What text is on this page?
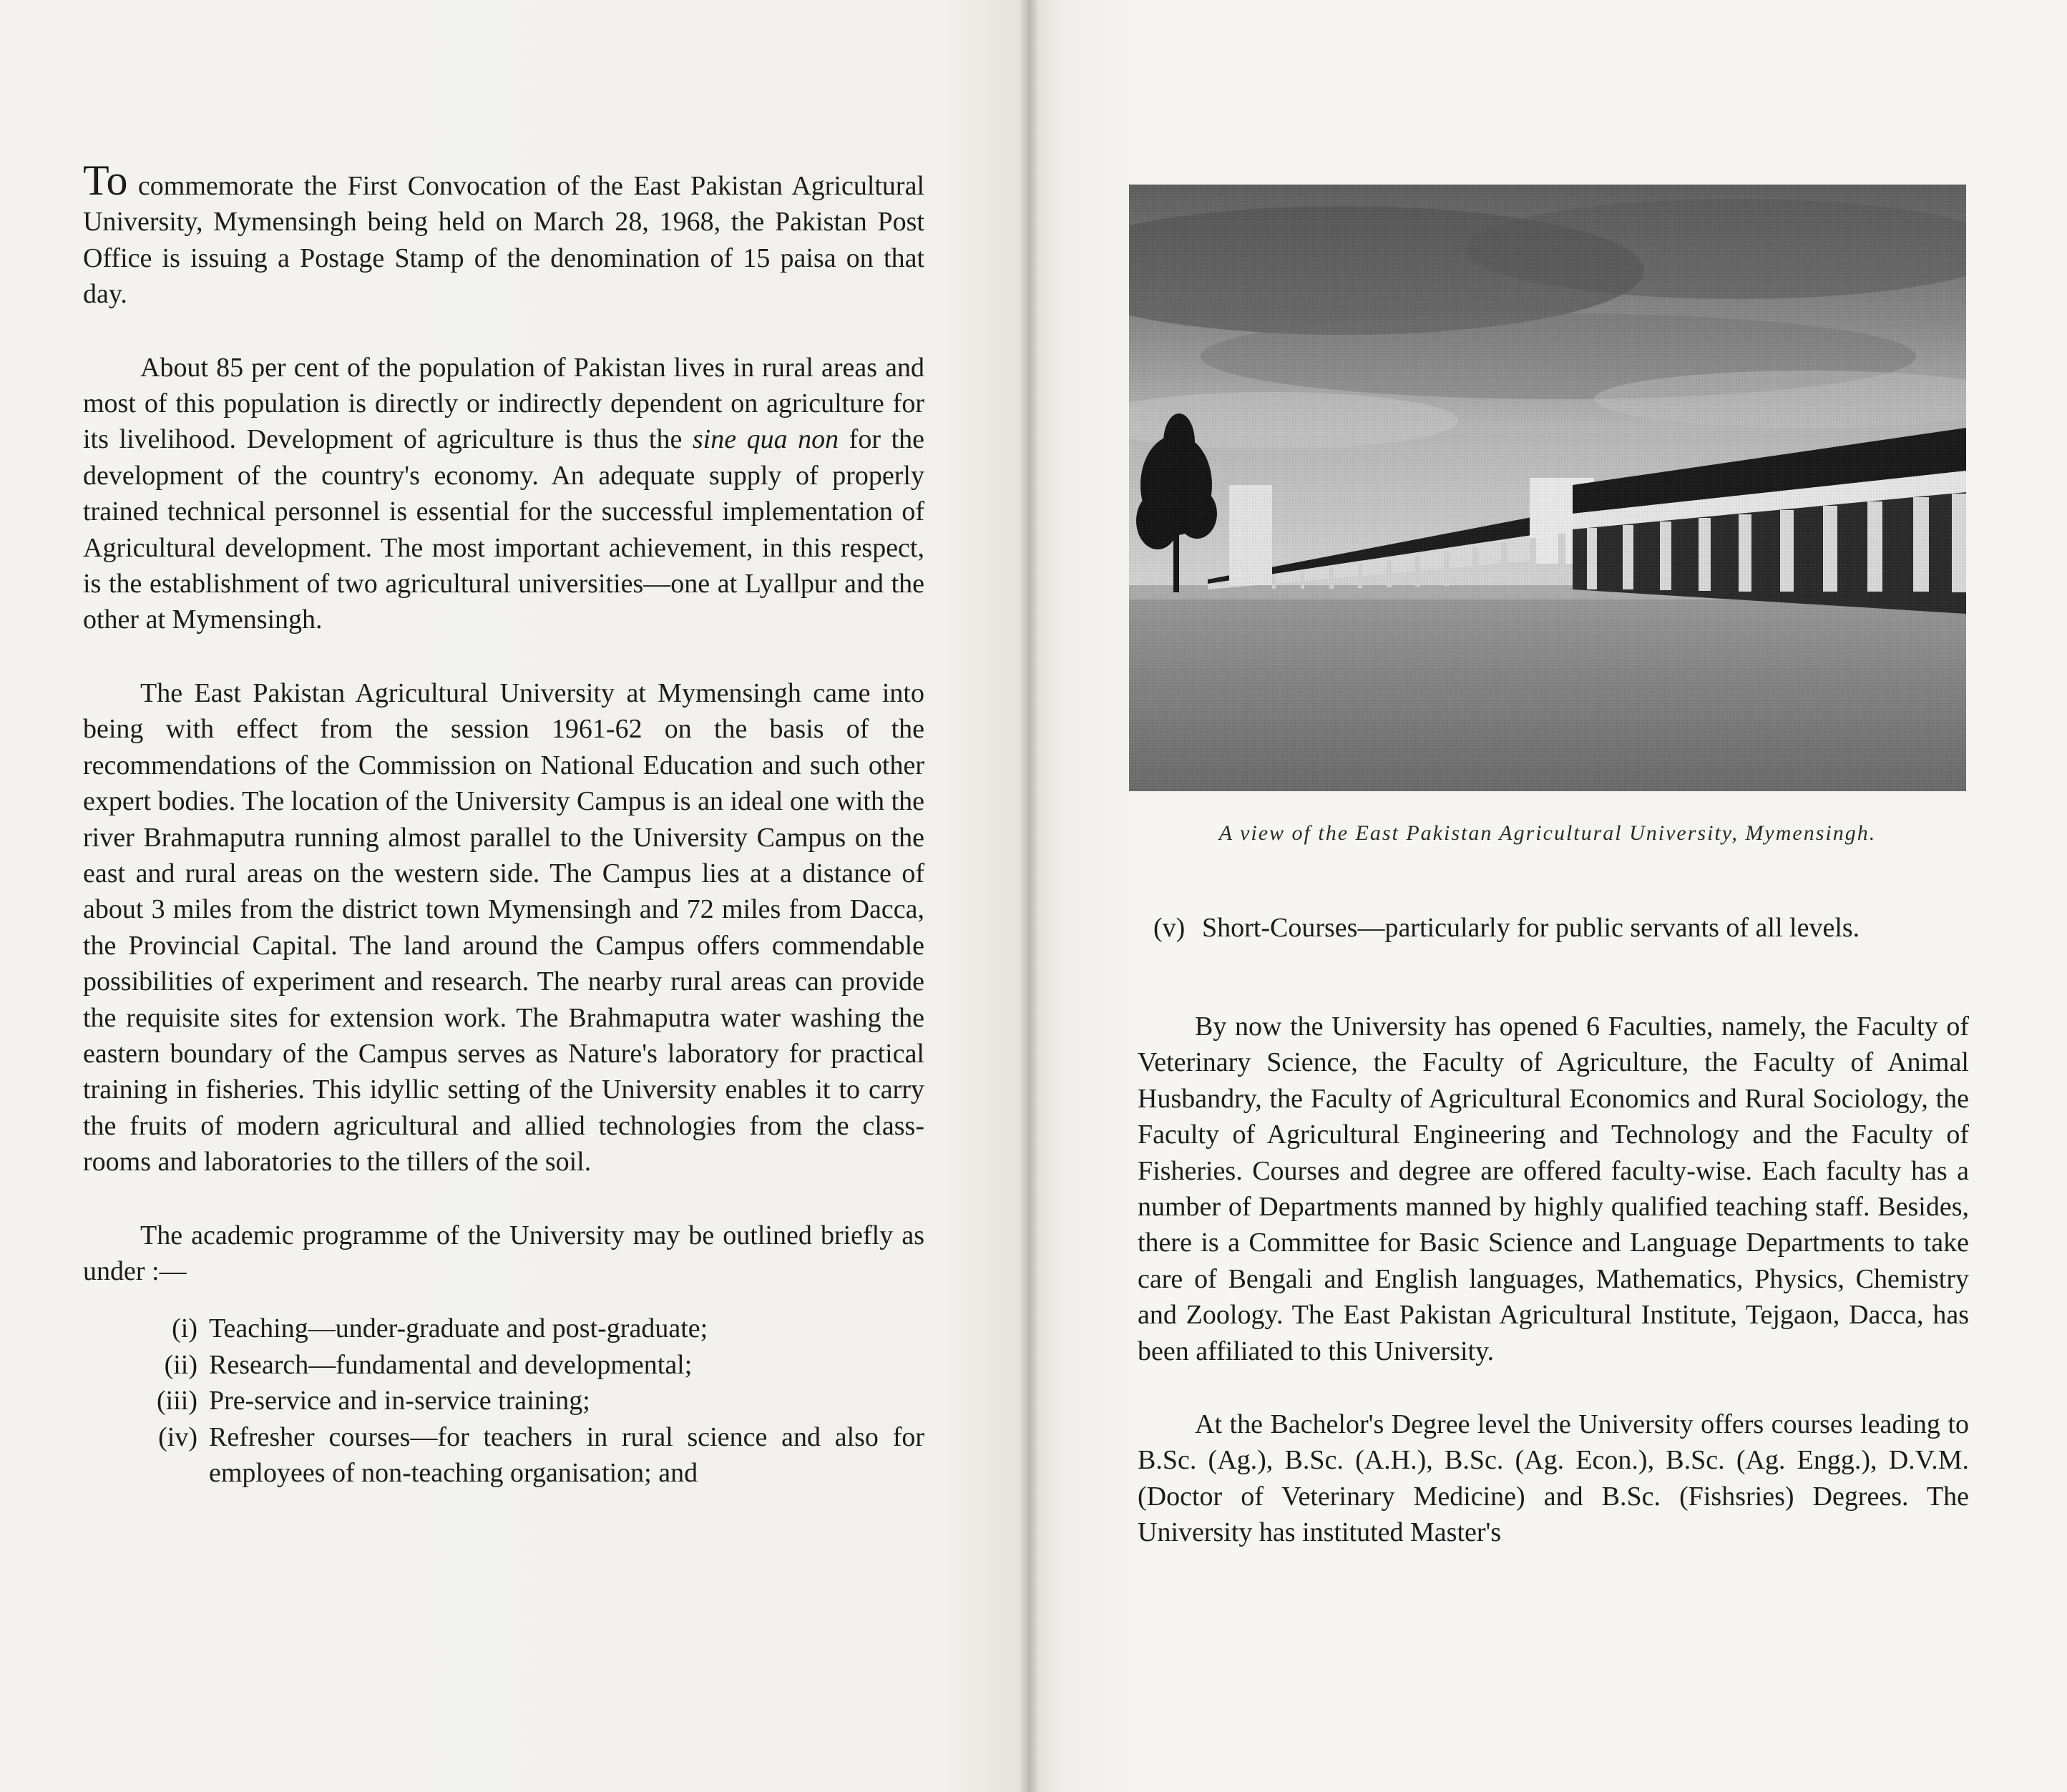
To commemorate the First Convocation of the East Pakistan Agricultural University, Mymensingh being held on March 28, 1968, the Pakistan Post Office is issuing a Postage Stamp of the denomination of 15 paisa on that day.

About 85 per cent of the population of Pakistan lives in rural areas and most of this population is directly or indirectly dependent on agriculture for its livelihood. Development of agriculture is thus the sine qua non for the development of the country's economy. An adequate supply of properly trained technical personnel is essential for the successful implementation of Agricultural development. The most important achievement, in this respect, is the establishment of two agricultural universities—one at Lyallpur and the other at Mymensingh.

The East Pakistan Agricultural University at Mymensingh came into being with effect from the session 1961-62 on the basis of the recommendations of the Commission on National Education and such other expert bodies. The location of the University Campus is an ideal one with the river Brahmaputra running almost parallel to the University Campus on the east and rural areas on the western side. The Campus lies at a distance of about 3 miles from the district town Mymensingh and 72 miles from Dacca, the Provincial Capital. The land around the Campus offers commendable possibilities of experiment and research. The nearby rural areas can provide the requisite sites for extension work. The Brahmaputra water washing the eastern boundary of the Campus serves as Nature's laboratory for practical training in fisheries. This idyllic setting of the University enables it to carry the fruits of modern agricultural and allied technologies from the class-rooms and laboratories to the tillers of the soil.

The academic programme of the University may be outlined briefly as under :—

(i) Teaching—under-graduate and post-graduate;
(ii) Research—fundamental and developmental;
(iii) Pre-service and in-service training;
(iv) Refresher courses—for teachers in rural science and also for employees of non-teaching organisation; and
A view of the East Pakistan Agricultural University, Mymensingh.
(v) Short-Courses—particularly for public servants of all levels.

By now the University has opened 6 Faculties, namely, the Faculty of Veterinary Science, the Faculty of Agriculture, the Faculty of Animal Husbandry, the Faculty of Agricultural Economics and Rural Sociology, the Faculty of Agricultural Engineering and Technology and the Faculty of Fisheries. Courses and degree are offered faculty-wise. Each faculty has a number of Departments manned by highly qualified teaching staff. Besides, there is a Committee for Basic Science and Language Departments to take care of Bengali and English languages, Mathematics, Physics, Chemistry and Zoology. The East Pakistan Agricultural Institute, Tejgaon, Dacca, has been affiliated to this University.

At the Bachelor's Degree level the University offers courses leading to B.Sc. (Ag.), B.Sc. (A.H.), B.Sc. (Ag. Econ.), B.Sc. (Ag. Engg.), D.V.M. (Doctor of Veterinary Medicine) and B.Sc. (Fishsries) Degrees. The University has instituted Master's
